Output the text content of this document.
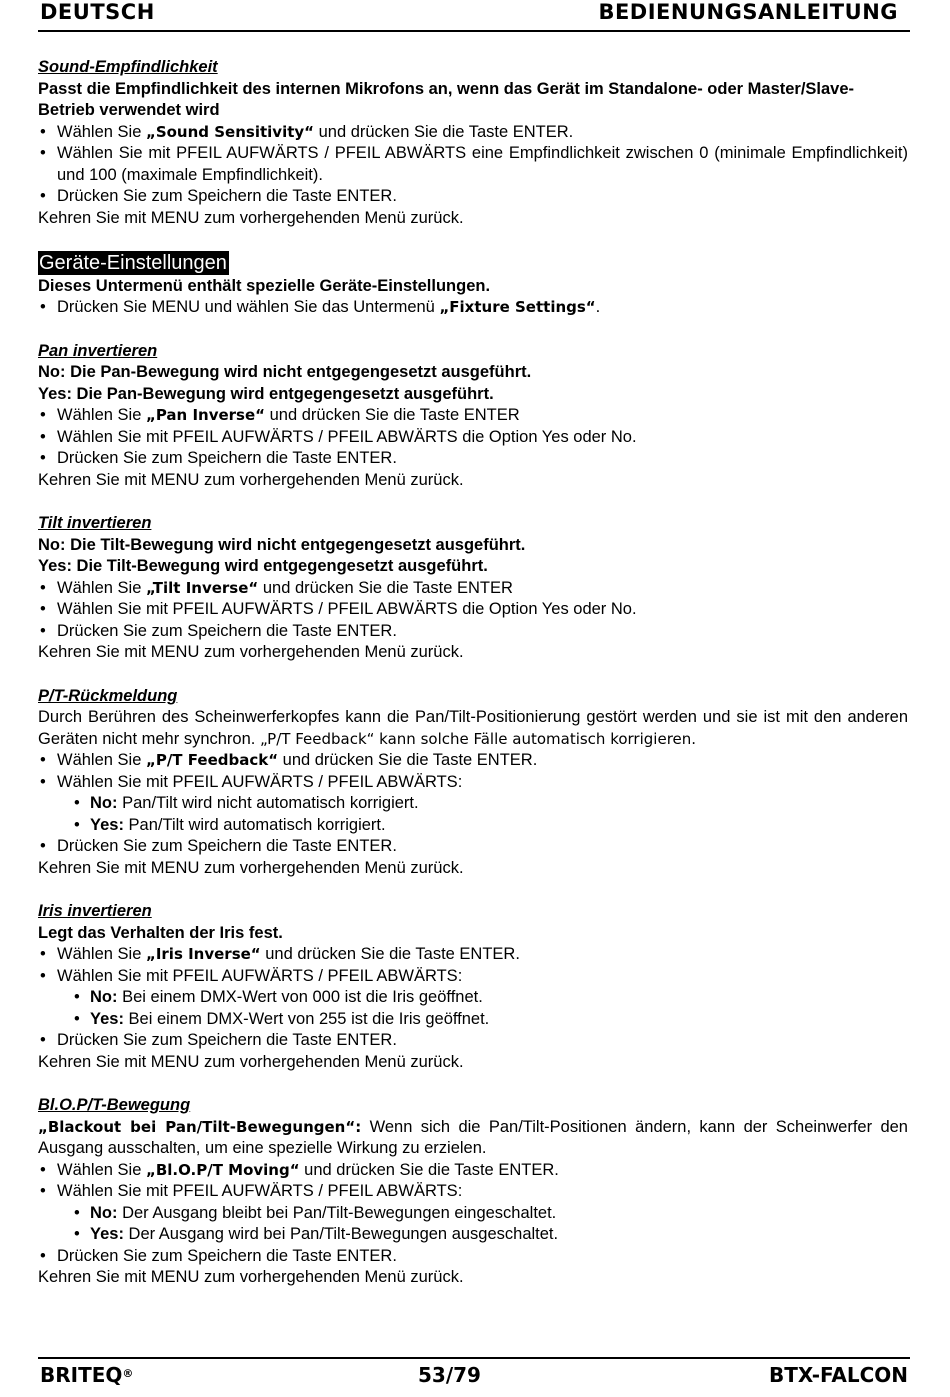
DEUTSCH	BEDIENUNGSANLEITUNG
Sound-Empfindlichkeit
Passt die Empfindlichkeit des internen Mikrofons an, wenn das Gerät im Standalone- oder Master/Slave-Betrieb verwendet wird
• Wählen Sie „Sound Sensitivity“ und drücken Sie die Taste ENTER.
• Wählen Sie mit PFEIL AUFWÄRTS / PFEIL ABWÄRTS eine Empfindlichkeit zwischen 0 (minimale Empfindlichkeit) und 100 (maximale Empfindlichkeit).
• Drücken Sie zum Speichern die Taste ENTER.
Kehren Sie mit MENU zum vorhergehenden Menü zurück.
Geräte-Einstellungen
Dieses Untermenü enthält spezielle Geräte-Einstellungen.
• Drücken Sie MENU und wählen Sie das Untermenü „Fixture Settings“.
Pan invertieren
No: Die Pan-Bewegung wird nicht entgegengesetzt ausgeführt.
Yes: Die Pan-Bewegung wird entgegengesetzt ausgeführt.
• Wählen Sie „Pan Inverse“ und drücken Sie die Taste ENTER
• Wählen Sie mit PFEIL AUFWÄRTS / PFEIL ABWÄRTS die Option Yes oder No.
• Drücken Sie zum Speichern die Taste ENTER.
Kehren Sie mit MENU zum vorhergehenden Menü zurück.
Tilt invertieren
No: Die Tilt-Bewegung wird nicht entgegengesetzt ausgeführt.
Yes: Die Tilt-Bewegung wird entgegengesetzt ausgeführt.
• Wählen Sie „Tilt Inverse“ und drücken Sie die Taste ENTER
• Wählen Sie mit PFEIL AUFWÄRTS / PFEIL ABWÄRTS die Option Yes oder No.
• Drücken Sie zum Speichern die Taste ENTER.
Kehren Sie mit MENU zum vorhergehenden Menü zurück.
P/T-Rückmeldung
Durch Berühren des Scheinwerferkopfes kann die Pan/Tilt-Positionierung gestört werden und sie ist mit den anderen Geräten nicht mehr synchron. „P/T Feedback“ kann solche Fälle automatisch korrigieren.
• Wählen Sie „P/T Feedback“ und drücken Sie die Taste ENTER.
• Wählen Sie mit PFEIL AUFWÄRTS / PFEIL ABWÄRTS:
• No: Pan/Tilt wird nicht automatisch korrigiert.
• Yes: Pan/Tilt wird automatisch korrigiert.
• Drücken Sie zum Speichern die Taste ENTER.
Kehren Sie mit MENU zum vorhergehenden Menü zurück.
Iris invertieren
Legt das Verhalten der Iris fest.
• Wählen Sie „Iris Inverse“ und drücken Sie die Taste ENTER.
• Wählen Sie mit PFEIL AUFWÄRTS / PFEIL ABWÄRTS:
• No: Bei einem DMX-Wert von 000 ist die Iris geöffnet.
• Yes: Bei einem DMX-Wert von 255 ist die Iris geöffnet.
• Drücken Sie zum Speichern die Taste ENTER.
Kehren Sie mit MENU zum vorhergehenden Menü zurück.
Bl.O.P/T-Bewegung
„Blackout bei Pan/Tilt-Bewegungen“: Wenn sich die Pan/Tilt-Positionen ändern, kann der Scheinwerfer den Ausgang ausschalten, um eine spezielle Wirkung zu erzielen.
• Wählen Sie „Bl.O.P/T Moving“ und drücken Sie die Taste ENTER.
• Wählen Sie mit PFEIL AUFWÄRTS / PFEIL ABWÄRTS:
• No: Der Ausgang bleibt bei Pan/Tilt-Bewegungen eingeschaltet.
• Yes: Der Ausgang wird bei Pan/Tilt-Bewegungen ausgeschaltet.
• Drücken Sie zum Speichern die Taste ENTER.
Kehren Sie mit MENU zum vorhergehenden Menü zurück.
BRITEQ®	53/79	BTX-FALCON
